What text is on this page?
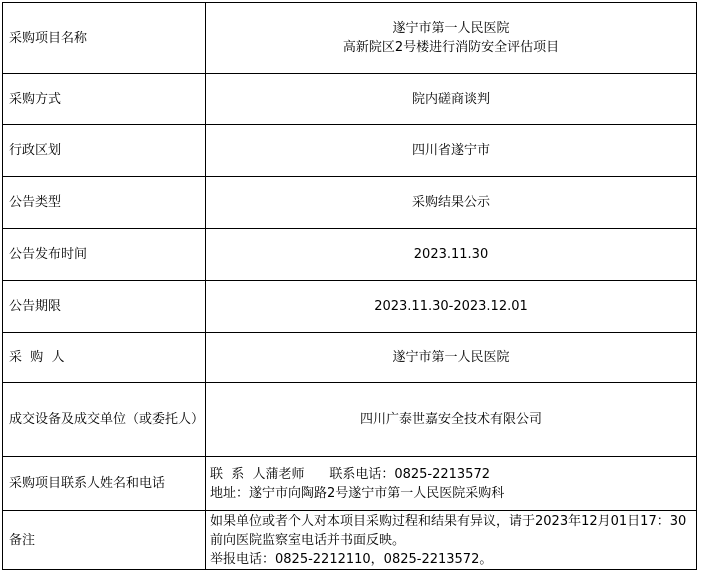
采购项目名称	遂宁市第一人民医院
高新院区2号楼进行消防安全评估项目

采购方式	院内磋商谈判
行政区划	四川省遂宁市
公告类型	采购结果公示
公告发布时间	2023.11.30
公告期限	2023.11.30-2023.12.01
采  购  人	遂宁市第一人民医院
成交设备及成交单位（或委托人）	四川广泰世嘉安全技术有限公司
采购项目联系人姓名和电话	联  系  人蒲老师      联系电话：0825-2213572
地址：遂宁市向陶路2号遂宁市第一人民医院采购科

备注	如果单位或者个人对本项目采购过程和结果有异议，请于2023年12月01日17：30前向医院监察室电话并书面反映。
举报电话：0825-2212110，0825-2213572。
